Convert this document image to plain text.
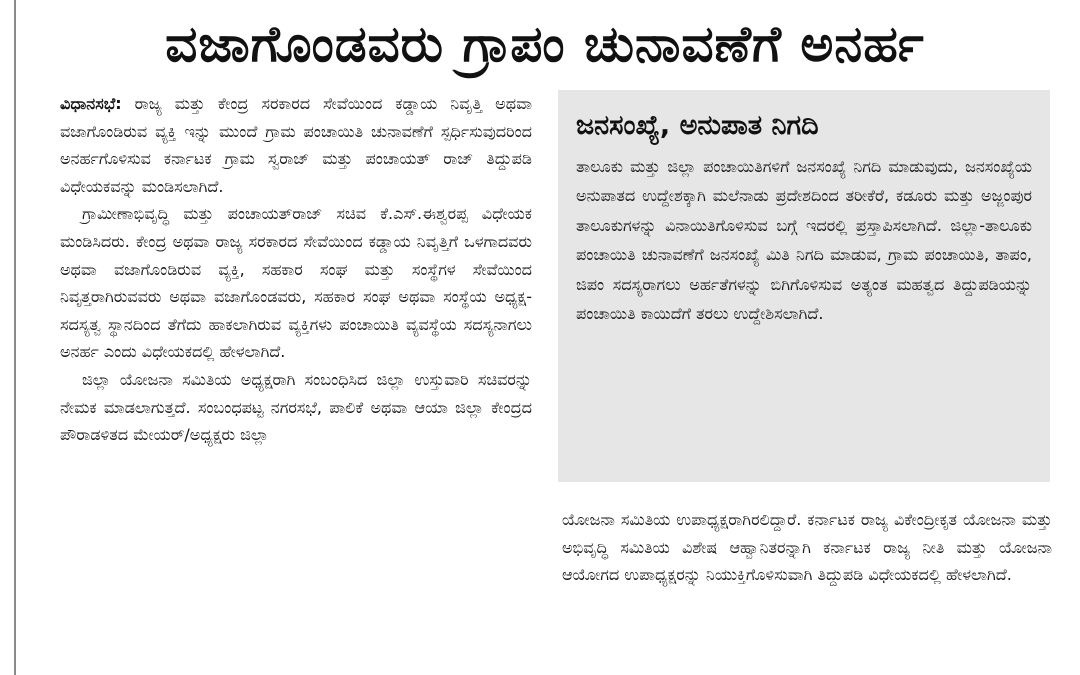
ವಜಾಗೊಂಡವರು ಗ್ರಾಪಂ ಚುನಾವಣೆಗೆ ಅನರ್ಹ

ವಿಧಾನಸಭೆ: ರಾಜ್ಯ ಮತ್ತು ಕೇಂದ್ರ ಸರಕಾರದ ಸೇವೆಯಿಂದ ಕಡ್ಡಾಯ ನಿವೃತ್ತಿ ಅಥವಾ ವಜಾಗೊಂಡಿರುವ ವ್ಯಕ್ತಿ ಇನ್ನು ಮುಂದೆ ಗ್ರಾಮ ಪಂಚಾಯಿತಿ ಚುನಾವಣೆಗೆ ಸ್ಪರ್ಧಿಸುವುದರಿಂದ ಅನರ್ಹಗೊಳಿಸುವ ಕರ್ನಾಟಕ ಗ್ರಾಮ ಸ್ವರಾಜ್ ಮತ್ತು ಪಂಚಾಯತ್ ರಾಜ್ ತಿದ್ದುಪಡಿ ವಿಧೇಯಕವನ್ನು ಮಂಡಿಸಲಾಗಿದೆ.

ಗ್ರಾಮೀಣಾಭಿವೃದ್ಧಿ ಮತ್ತು ಪಂಚಾಯತ್‌ರಾಜ್ ಸಚಿವ ಕೆ.ಎಸ್.ಈಶ್ವರಪ್ಪ ವಿಧೇಯಕ ಮಂಡಿಸಿದರು. ಕೇಂದ್ರ ಅಥವಾ ರಾಜ್ಯ ಸರಕಾರದ ಸೇವೆಯಿಂದ ಕಡ್ಡಾಯ ನಿವೃತ್ತಿಗೆ ಒಳಗಾದವರು ಅಥವಾ ವಜಾಗೊಂಡಿರುವ ವ್ಯಕ್ತಿ, ಸಹಕಾರ ಸಂಘ ಮತ್ತು ಸಂಸ್ಥೆಗಳ ಸೇವೆಯಿಂದ ನಿವೃತ್ತರಾಗಿರುವವರು ಅಥವಾ ವಜಾಗೊಂಡವರು, ಸಹಕಾರ ಸಂಘ ಅಥವಾ ಸಂಸ್ಥೆಯ ಅಧ್ಯಕ್ಷ-ಸದಸ್ಯತ್ವ ಸ್ಥಾನದಿಂದ ತೆಗೆದು ಹಾಕಲಾಗಿರುವ ವ್ಯಕ್ತಿಗಳು ಪಂಚಾಯಿತಿ ವ್ಯವಸ್ಥೆಯ ಸದಸ್ಯನಾಗಲು ಅನರ್ಹ ಎಂದು ವಿಧೇಯಕದಲ್ಲಿ ಹೇಳಲಾಗಿದೆ.

ಜಿಲ್ಲಾ ಯೋಜನಾ ಸಮಿತಿಯ ಅಧ್ಯಕ್ಷರಾಗಿ ಸಂಬಂಧಿಸಿದ ಜಿಲ್ಲಾ ಉಸ್ತುವಾರಿ ಸಚಿವರನ್ನು ನೇಮಕ ಮಾಡಲಾಗುತ್ತದೆ. ಸಂಬಂಧಪಟ್ಟ ನಗರಸಭೆ, ಪಾಲಿಕೆ ಅಥವಾ ಆಯಾ ಜಿಲ್ಲಾ ಕೇಂದ್ರದ ಪೌರಾಡಳಿತದ ಮೇಯರ್/ಅಧ್ಯಕ್ಷರು ಜಿಲ್ಲಾ

ಜನಸಂಖ್ಯೆ, ಅನುಪಾತ ನಿಗದಿ

ತಾಲೂಕು ಮತ್ತು ಜಿಲ್ಲಾ ಪಂಚಾಯಿತಿಗಳಿಗೆ ಜನಸಂಖ್ಯೆ ನಿಗದಿ ಮಾಡುವುದು, ಜನಸಂಖ್ಯೆಯ ಅನುಪಾತದ ಉದ್ದೇಶಕ್ಕಾಗಿ ಮಲೆನಾಡು ಪ್ರದೇಶದಿಂದ ತರೀಕೆರೆ, ಕಡೂರು ಮತ್ತು ಅಜ್ಜಂಪುರ ತಾಲೂಕುಗಳನ್ನು ವಿನಾಯಿತಿಗೊಳಿಸುವ ಬಗ್ಗೆ ಇದರಲ್ಲಿ ಪ್ರಸ್ತಾಪಿಸಲಾಗಿದೆ. ಜಿಲ್ಲಾ-ತಾಲೂಕು ಪಂಚಾಯಿತಿ ಚುನಾವಣೆಗೆ ಜನಸಂಖ್ಯೆ ಮಿತಿ ನಿಗದಿ ಮಾಡುವ, ಗ್ರಾಮ ಪಂಚಾಯಿತಿ, ತಾಪಂ, ಜಿಪಂ ಸದಸ್ಯರಾಗಲು ಅರ್ಹತೆಗಳನ್ನು ಬಿಗಿಗೊಳಿಸುವ ಅತ್ಯಂತ ಮಹತ್ವದ ತಿದ್ದುಪಡಿಯನ್ನು ಪಂಚಾಯಿತಿ ಕಾಯಿದೆಗೆ ತರಲು ಉದ್ದೇಶಿಸಲಾಗಿದೆ.

ಯೋಜನಾ ಸಮಿತಿಯ ಉಪಾಧ್ಯಕ್ಷರಾಗಿರಲಿದ್ದಾರೆ. ಕರ್ನಾಟಕ ರಾಜ್ಯ ವಿಕೇಂದ್ರೀಕೃತ ಯೋಜನಾ ಮತ್ತು ಅಭಿವೃದ್ಧಿ ಸಮಿತಿಯ ವಿಶೇಷ ಆಹ್ವಾನಿತರನ್ನಾಗಿ ಕರ್ನಾಟಕ ರಾಜ್ಯ ನೀತಿ ಮತ್ತು ಯೋಜನಾ ಆಯೋಗದ ಉಪಾಧ್ಯಕ್ಷರನ್ನು ನಿಯುಕ್ತಿಗೊಳಿಸುವಾಗಿ ತಿದ್ದುಪಡಿ ವಿಧೇಯಕದಲ್ಲಿ ಹೇಳಲಾಗಿದೆ.
